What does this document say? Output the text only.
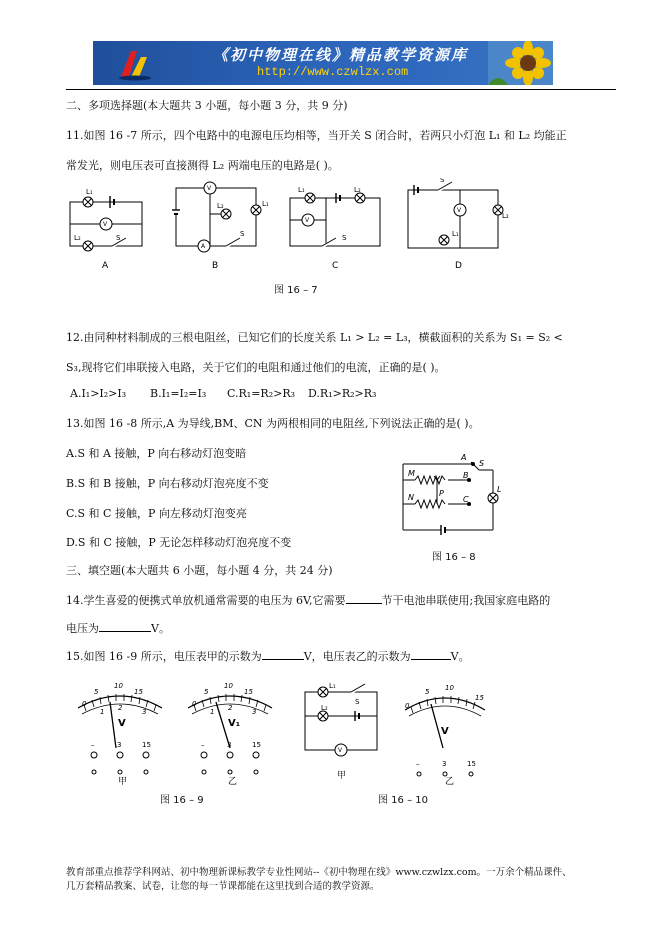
《初中物理在线》精品教学资源库
http://www.czwlzx.com
二、多项选择题(本大题共 3 小题，每小题 3 分，共 9 分)
11.如图 16 -7 所示，四个电路中的电源电压均相等，当开关 S 闭合时，若两只小灯泡 L₁ 和 L₂ 均能正
常发光，则电压表可直接测得 L₂ 两端电压的电路是( )。
L₁
V
L₂	S
V
L₂	L₁
A
S
L₁	L₂
V
S
S
V
L₂
L₁
A	B	C	D
图 16 – 7
12.由同种材料制成的三根电阻丝，已知它们的长度关系 L₁ > L₂ = L₃，横截面积的关系为 S₁ = S₂ <
S₃,现将它们串联接入电路，关于它们的电阻和通过他们的电流，正确的是( )。
A.I₁>I₂>I₃ B.I₁=I₂=I₃ C.R₁=R₂>R₃ D.R₁>R₂>R₃
13.如图 16 -8 所示,A 为导线,BM、CN 为两根相同的电阻丝,下列说法正确的是( )。
A.S 和 A 接触，P 向右移动灯泡变暗
B.S 和 B 接触，P 向右移动灯泡亮度不变
C.S 和 C 接触，P 向左移动灯泡变亮
D.S 和 C 接触，P 无论怎样移动灯泡亮度不变
A
S
B
C
M
N	P	L
图 16 – 8
三、填空题(本大题共 6 小题，每小题 4 分，共 24 分)
14.学生喜爱的便携式单放机通常需要的电压为 6V,它需要	节干电池串联使用;我国家庭电路的
电压为	V。
15.如图 16 -9 所示，电压表甲的示数为	V，电压表乙的示数为	V。
0
5
10
15
1 2	3
0
5
10
15
1 2	3
V	V₁
–	3	15	–	3	15
甲	乙
图 16 – 9
L₁
L₂
S
V
0
5 10
15
V
–	3	15
甲
乙
图 16 – 10
教育部重点推荐学科网站、初中物理新课标教学专业性网站--《初中物理在线》www.czwlzx.com。一万余个精品课件、
几万套精品教案、试卷，让您的每一节课都能在这里找到合适的教学资源。
